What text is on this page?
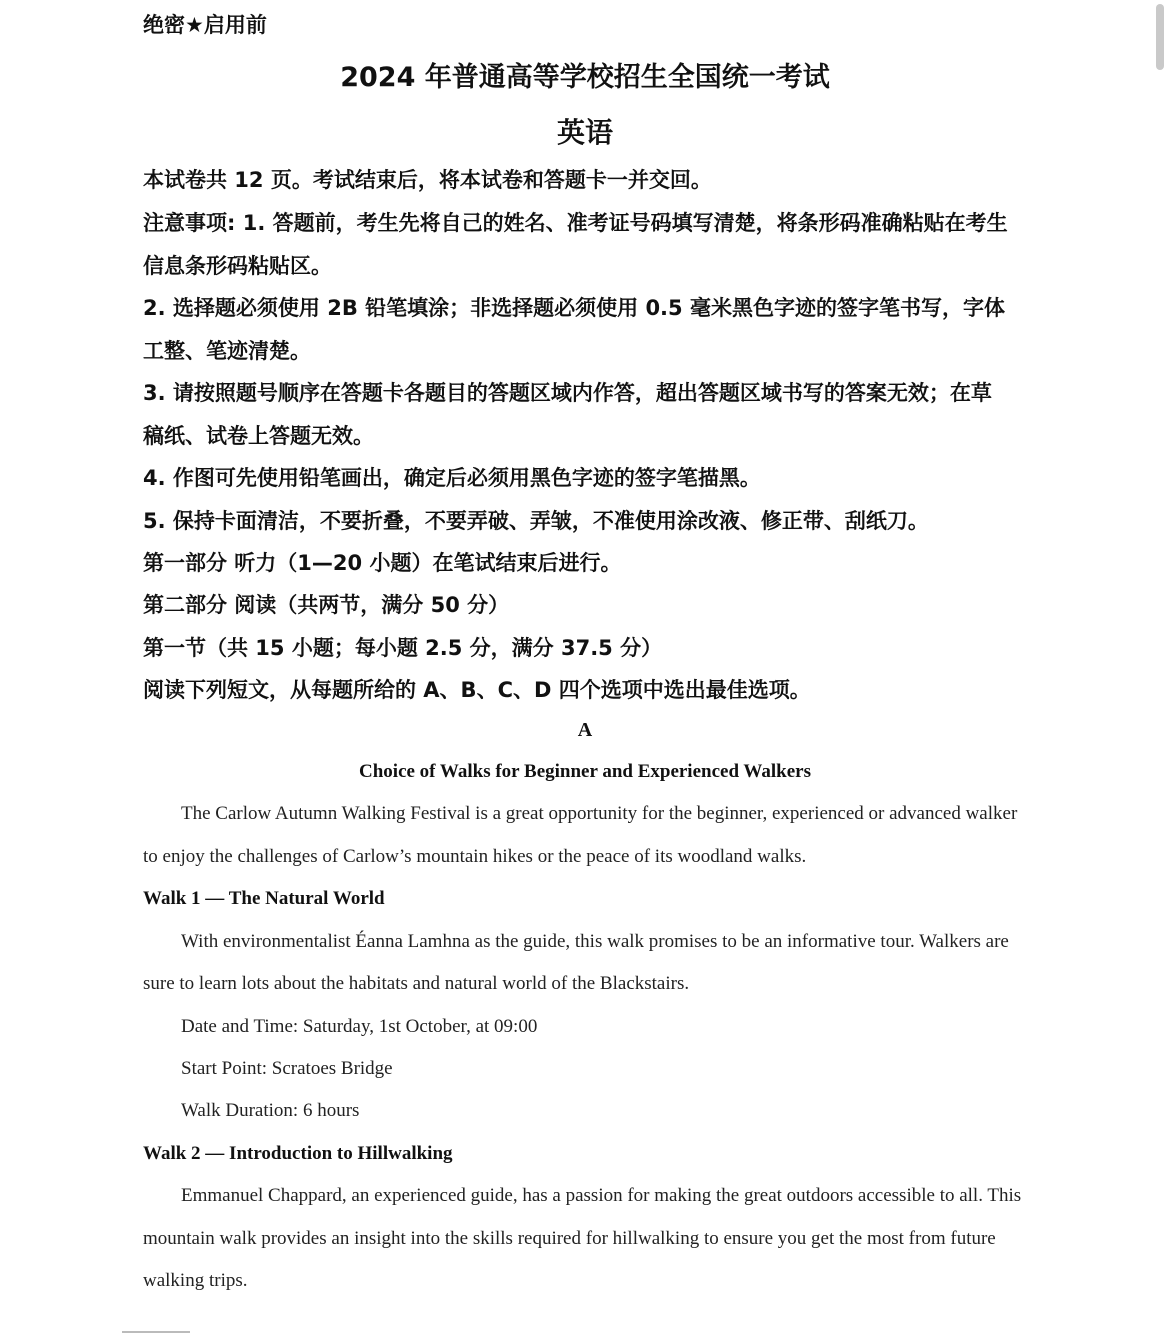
绝密★启用前
2024 年普通高等学校招生全国统一考试
英语
本试卷共 12 页。考试结束后，将本试卷和答题卡一并交回。
注意事项: 1. 答题前，考生先将自己的姓名、准考证号码填写清楚，将条形码准确粘贴在考生
信息条形码粘贴区。
2. 选择题必须使用 2B 铅笔填涂；非选择题必须使用 0.5 毫米黑色字迹的签字笔书写，字体
工整、笔迹清楚。
3. 请按照题号顺序在答题卡各题目的答题区域内作答，超出答题区域书写的答案无效；在草
稿纸、试卷上答题无效。
4. 作图可先使用铅笔画出，确定后必须用黑色字迹的签字笔描黑。
5. 保持卡面清洁，不要折叠，不要弄破、弄皱，不准使用涂改液、修正带、刮纸刀。
第一部分 听力（1—20 小题）在笔试结束后进行。
第二部分 阅读（共两节，满分 50 分）
第一节（共 15 小题；每小题 2.5 分，满分 37.5 分）
阅读下列短文，从每题所给的 A、B、C、D 四个选项中选出最佳选项。
A
Choice of Walks for Beginner and Experienced Walkers
The Carlow Autumn Walking Festival is a great opportunity for the beginner, experienced or advanced walker
to enjoy the challenges of Carlow’s mountain hikes or the peace of its woodland walks.
Walk 1 — The Natural World
With environmentalist Éanna Lamhna as the guide, this walk promises to be an informative tour. Walkers are
sure to learn lots about the habitats and natural world of the Blackstairs.
Date and Time: Saturday, 1st October, at 09:00
Start Point: Scratoes Bridge
Walk Duration: 6 hours
Walk 2 — Introduction to Hillwalking
Emmanuel Chappard, an experienced guide, has a passion for making the great outdoors accessible to all. This
mountain walk provides an insight into the skills required for hillwalking to ensure you get the most from future
walking trips.
